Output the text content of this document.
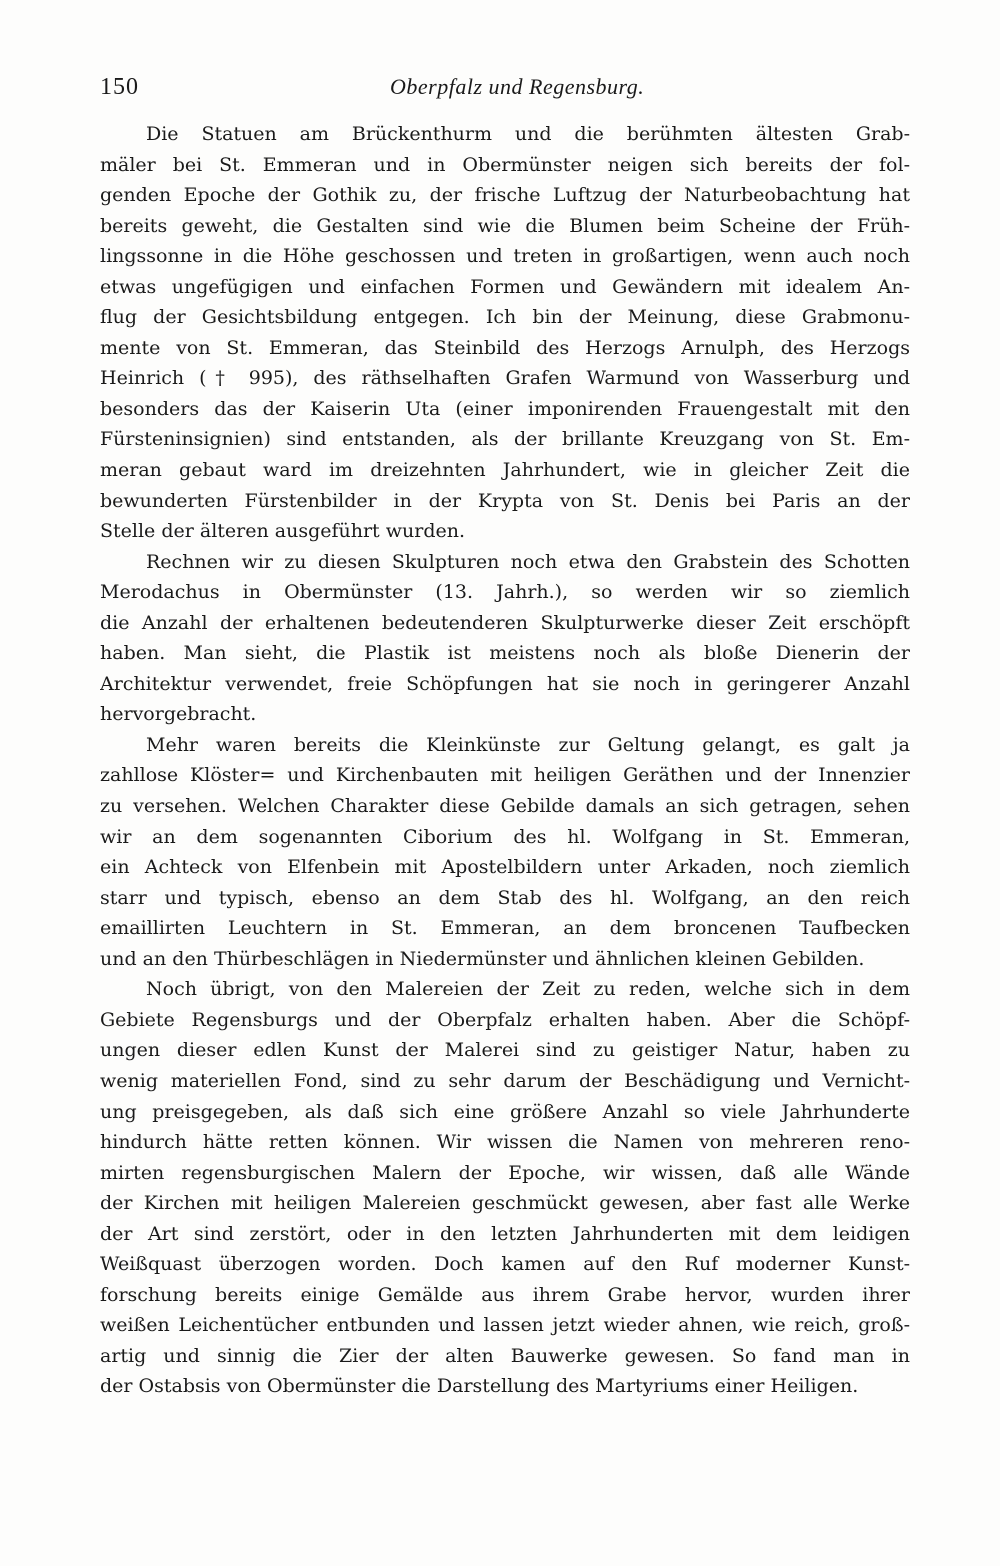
150	Oberpfalz und Regensburg.
Die Statuen am Brückenthurm und die berühmten ältesten Grab-
mäler bei St. Emmeran und in Obermünster neigen sich bereits der fol-
genden Epoche der Gothik zu, der frische Luftzug der Naturbeobachtung hat
bereits geweht, die Gestalten sind wie die Blumen beim Scheine der Früh-
lingssonne in die Höhe geschossen und treten in großartigen, wenn auch noch
etwas ungefügigen und einfachen Formen und Gewändern mit idealem An-
flug der Gesichtsbildung entgegen. Ich bin der Meinung, diese Grabmonu-
mente von St. Emmeran, das Steinbild des Herzogs Arnulph, des Herzogs
Heinrich († 995), des räthselhaften Grafen Warmund von Wasserburg und
besonders das der Kaiserin Uta (einer imponirenden Frauengestalt mit den
Fürsteninsignien) sind entstanden, als der brillante Kreuzgang von St. Em-
meran gebaut ward im dreizehnten Jahrhundert, wie in gleicher Zeit die
bewunderten Fürstenbilder in der Krypta von St. Denis bei Paris an der
Stelle der älteren ausgeführt wurden.
Rechnen wir zu diesen Skulpturen noch etwa den Grabstein des Schotten
Merodachus in Obermünster (13. Jahrh.), so werden wir so ziemlich
die Anzahl der erhaltenen bedeutenderen Skulpturwerke dieser Zeit erschöpft
haben. Man sieht, die Plastik ist meistens noch als bloße Dienerin der
Architektur verwendet, freie Schöpfungen hat sie noch in geringerer Anzahl
hervorgebracht.
Mehr waren bereits die Kleinkünste zur Geltung gelangt, es galt ja
zahllose Klöster= und Kirchenbauten mit heiligen Geräthen und der Innenzier
zu versehen. Welchen Charakter diese Gebilde damals an sich getragen, sehen
wir an dem sogenannten Ciborium des hl. Wolfgang in St. Emmeran,
ein Achteck von Elfenbein mit Apostelbildern unter Arkaden, noch ziemlich
starr und typisch, ebenso an dem Stab des hl. Wolfgang, an den reich
emaillirten Leuchtern in St. Emmeran, an dem broncenen Taufbecken
und an den Thürbeschlägen in Niedermünster und ähnlichen kleinen Gebilden.
Noch übrigt, von den Malereien der Zeit zu reden, welche sich in dem
Gebiete Regensburgs und der Oberpfalz erhalten haben. Aber die Schöpf-
ungen dieser edlen Kunst der Malerei sind zu geistiger Natur, haben zu
wenig materiellen Fond, sind zu sehr darum der Beschädigung und Vernicht-
ung preisgegeben, als daß sich eine größere Anzahl so viele Jahrhunderte
hindurch hätte retten können. Wir wissen die Namen von mehreren reno-
mirten regensburgischen Malern der Epoche, wir wissen, daß alle Wände
der Kirchen mit heiligen Malereien geschmückt gewesen, aber fast alle Werke
der Art sind zerstört, oder in den letzten Jahrhunderten mit dem leidigen
Weißquast überzogen worden. Doch kamen auf den Ruf moderner Kunst-
forschung bereits einige Gemälde aus ihrem Grabe hervor, wurden ihrer
weißen Leichentücher entbunden und lassen jetzt wieder ahnen, wie reich, groß-
artig und sinnig die Zier der alten Bauwerke gewesen. So fand man in
der Ostabsis von Obermünster die Darstellung des Martyriums einer Heiligen.
